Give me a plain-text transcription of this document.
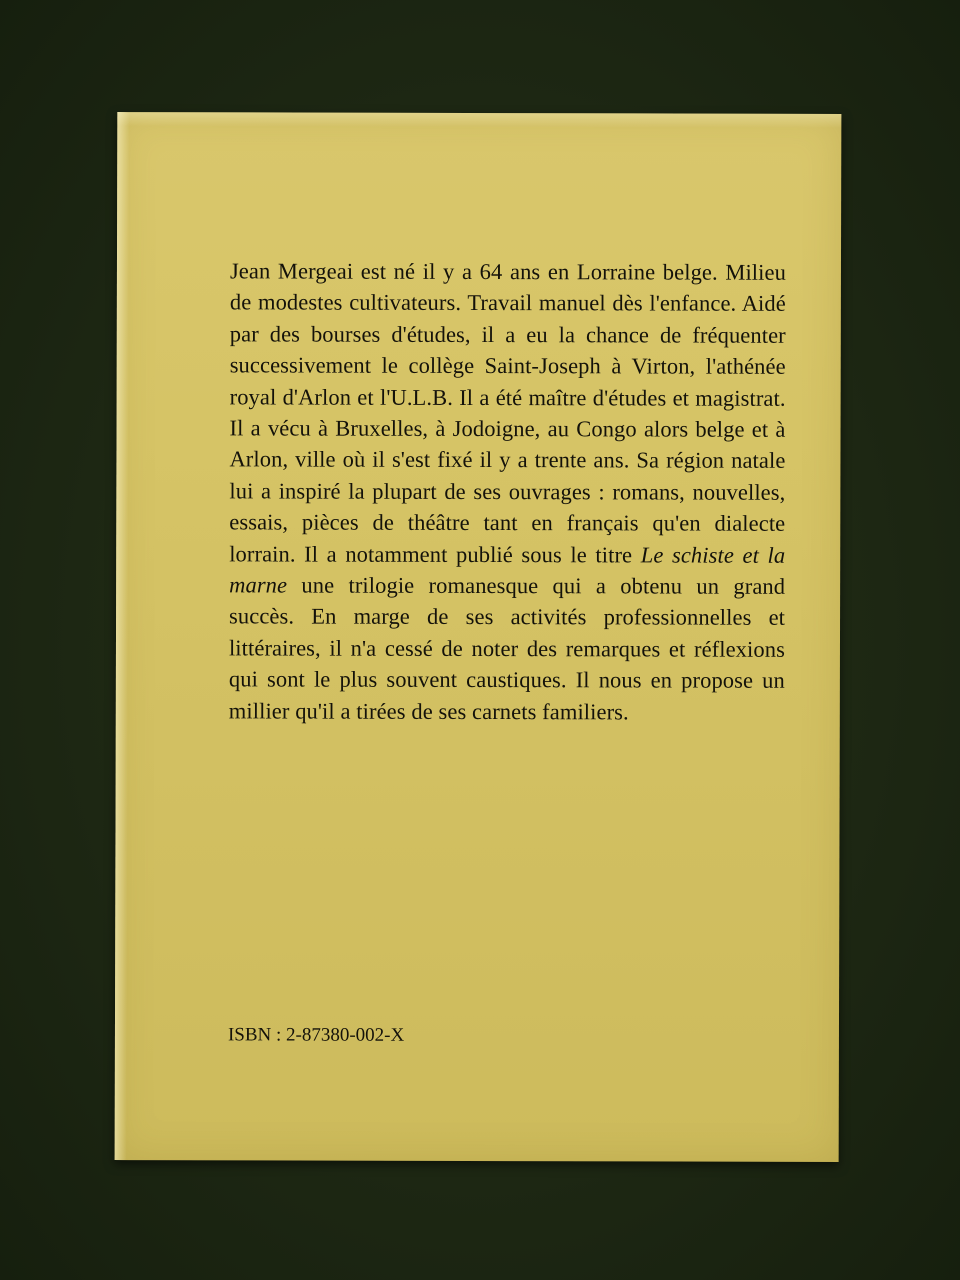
Jean Mergeai est né il y a 64 ans en Lorraine belge. Milieu de modestes cultivateurs. Travail manuel dès l'enfance. Aidé par des bourses d'études, il a eu la chance de fréquenter successivement le collège Saint-Joseph à Virton, l'athénée royal d'Arlon et l'U.L.B. Il a été maître d'études et magistrat. Il a vécu à Bruxelles, à Jodoigne, au Congo alors belge et à Arlon, ville où il s'est fixé il y a trente ans. Sa région natale lui a inspiré la plupart de ses ouvrages : romans, nouvelles, essais, pièces de théâtre tant en français qu'en dialecte lorrain. Il a notamment publié sous le titre Le schiste et la marne une trilogie romanesque qui a obtenu un grand succès. En marge de ses activités professionnelles et littéraires, il n'a cessé de noter des remarques et réflexions qui sont le plus souvent caustiques. Il nous en propose un millier qu'il a tirées de ses carnets familiers.

ISBN : 2-87380-002-X
